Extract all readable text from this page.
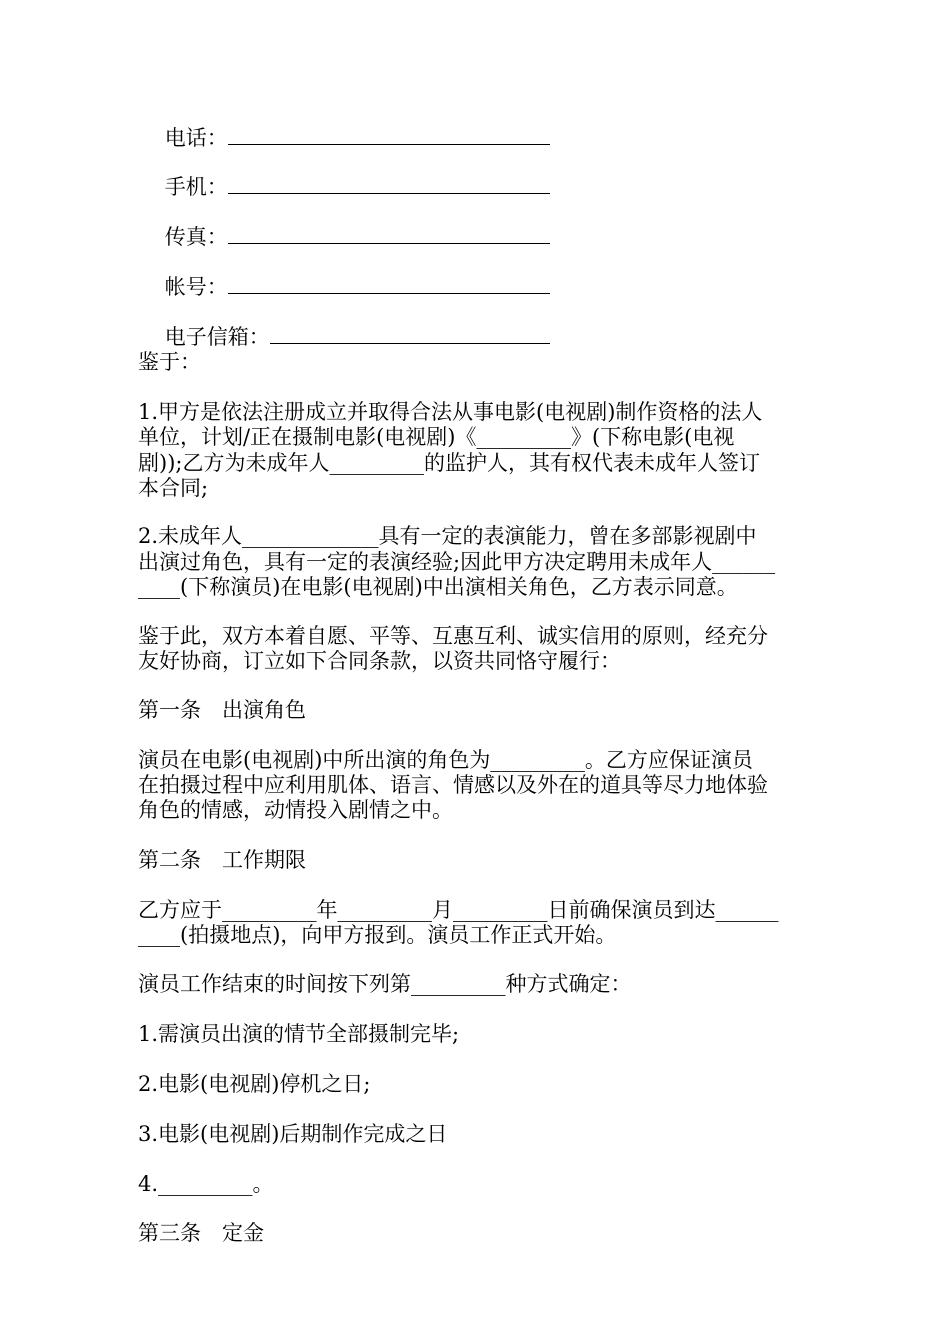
电话：

手机：

传真：

帐号：

电子信箱：

鉴于：
1.甲方是依法注册成立并取得合法从事电影(电视剧)制作资格的法人
单位，计划/正在摄制电影(电视剧)《_________》(下称电影(电视
剧));乙方为未成年人_________的监护人，其有权代表未成年人签订
本合同;
2.未成年人_____________具有一定的表演能力，曾在多部影视剧中
出演过角色，具有一定的表演经验;因此甲方决定聘用未成年人______
____(下称演员)在电影(电视剧)中出演相关角色，乙方表示同意。
鉴于此，双方本着自愿、平等、互惠互利、诚实信用的原则，经充分
友好协商，订立如下合同条款，以资共同恪守履行：
第一条　出演角色
演员在电影(电视剧)中所出演的角色为_________。乙方应保证演员
在拍摄过程中应利用肌体、语言、情感以及外在的道具等尽力地体验
角色的情感，动情投入剧情之中。
第二条　工作期限
乙方应于_________年_________月_________日前确保演员到达______
____(拍摄地点)，向甲方报到。演员工作正式开始。
演员工作结束的时间按下列第_________种方式确定：
1.需演员出演的情节全部摄制完毕;
2.电影(电视剧)停机之日;
3.电影(电视剧)后期制作完成之日
4._________。
第三条　定金
